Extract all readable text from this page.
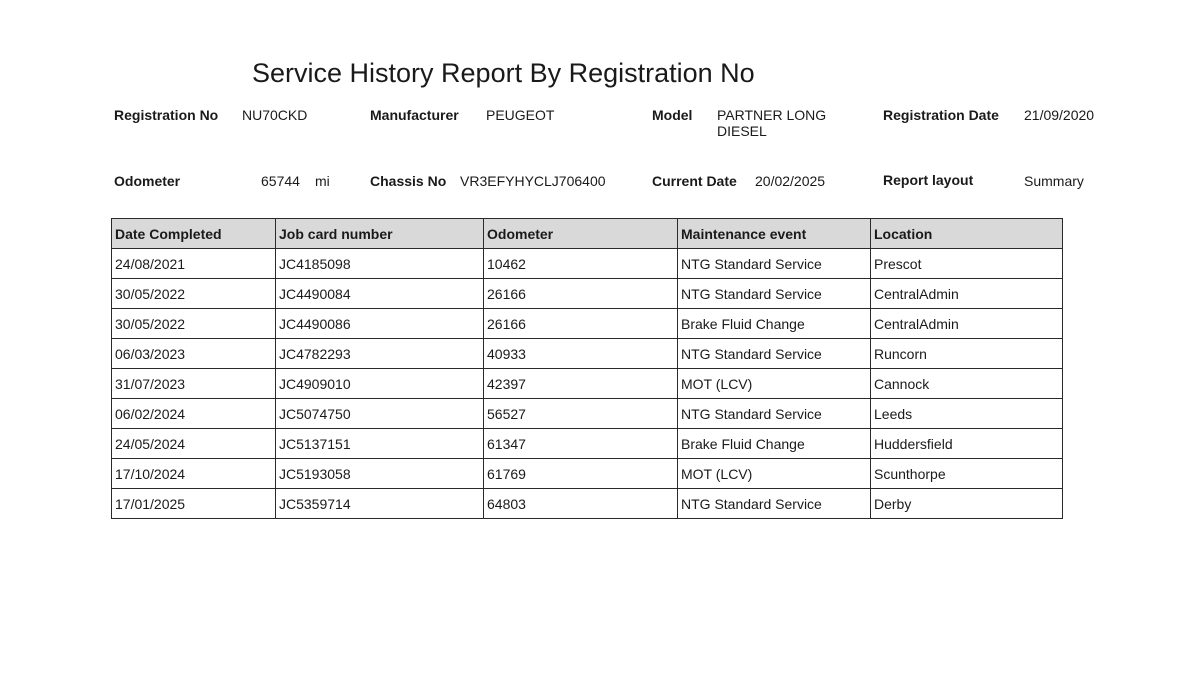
Service History Report By Registration No
Registration No NU70CKD	Manufacturer PEUGEOT	Model PARTNER LONG DIESEL
Registration Date 21/09/2020
Odometer	65744 mi	Chassis No VR3EFYHYCLJ706400	Current Date 20/02/2025	Report layout	Summary
Date Completed	Job card number	Odometer	Maintenance event	Location
24/08/2021	JC4185098	10462	NTG Standard Service	Prescot
30/05/2022	JC4490084	26166	NTG Standard Service	CentralAdmin
30/05/2022	JC4490086	26166	Brake Fluid Change	CentralAdmin
06/03/2023	JC4782293	40933	NTG Standard Service	Runcorn
31/07/2023	JC4909010	42397	MOT (LCV)	Cannock
06/02/2024	JC5074750	56527	NTG Standard Service	Leeds
24/05/2024	JC5137151	61347	Brake Fluid Change	Huddersfield
17/10/2024	JC5193058	61769	MOT (LCV)	Scunthorpe
17/01/2025	JC5359714	64803	NTG Standard Service	Derby
